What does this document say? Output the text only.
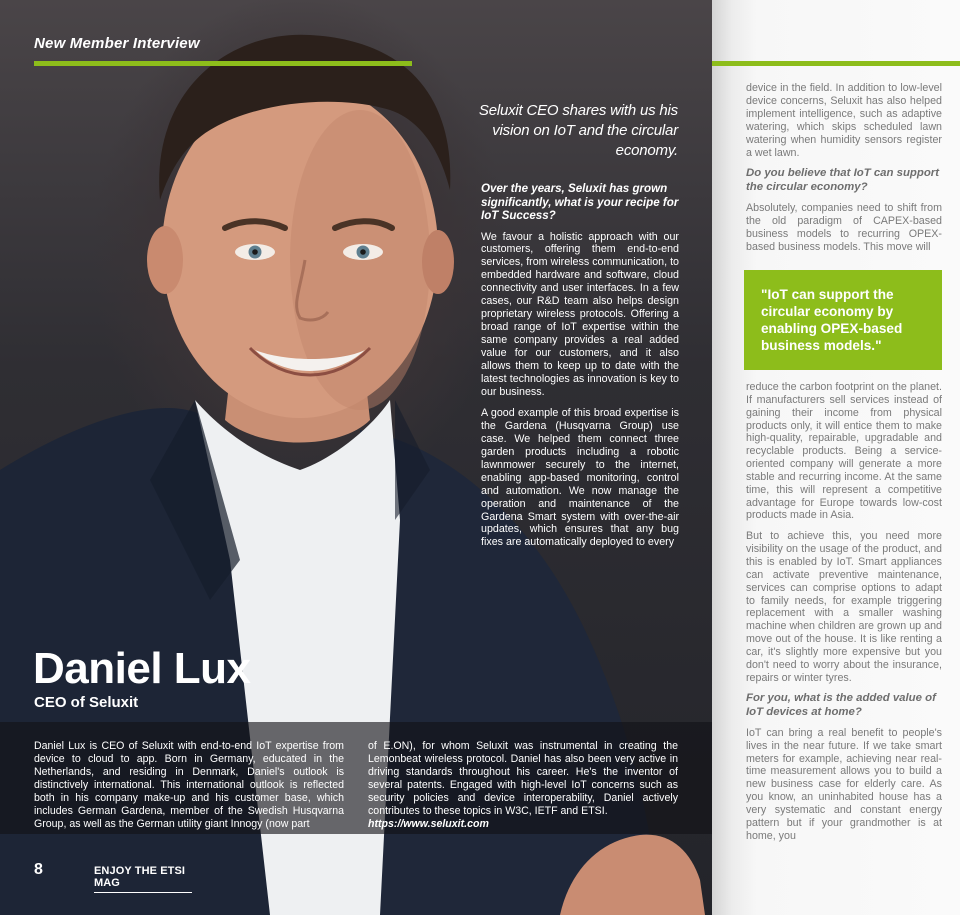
New Member Interview
Seluxit CEO shares with us his vision on IoT and the circular economy.
Over the years, Seluxit has grown significantly, what is your recipe for IoT Success?
We favour a holistic approach with our customers, offering them end-to-end services, from wireless communication, to embedded hardware and software, cloud connectivity and user interfaces. In a few cases, our R&D team also helps design proprietary wireless protocols. Offering a broad range of IoT expertise within the same company provides a real added value for our customers, and it also allows them to keep up to date with the latest technologies as innovation is key to our business.
A good example of this broad expertise is the Gardena (Husqvarna Group) use case. We helped them connect three garden products including a robotic lawnmower securely to the internet, enabling app-based monitoring, control and automation. We now manage the operation and maintenance of the Gardena Smart system with over-the-air updates, which ensures that any bug fixes are automatically deployed to every
Daniel Lux
CEO of Seluxit
Daniel Lux is CEO of Seluxit with end-to-end IoT expertise from device to cloud to app. Born in Germany, educated in the Netherlands, and residing in Denmark, Daniel's outlook is distinctively international. This international outlook is reflected both in his company make-up and his customer base, which includes German Gardena, member of the Swedish Husqvarna Group, as well as the German utility giant Innogy (now part
of E.ON), for whom Seluxit was instrumental in creating the Lemonbeat wireless protocol. Daniel has also been very active in driving standards throughout his career. He's the inventor of several patents. Engaged with high-level IoT concerns such as security policies and device interoperability, Daniel actively contributes to these topics in W3C, IETF and ETSI.
https://www.seluxit.com
8	ENJOY THE ETSI MAG
device in the field. In addition to low-level device concerns, Seluxit has also helped implement intelligence, such as adaptive watering, which skips scheduled lawn watering when humidity sensors register a wet lawn.
Do you believe that IoT can support the circular economy?
Absolutely, companies need to shift from the old paradigm of CAPEX-based business models to recurring OPEX-based business models. This move will
"IoT can support the circular economy by enabling OPEX-based business models."
reduce the carbon footprint on the planet. If manufacturers sell services instead of gaining their income from physical products only, it will entice them to make high-quality, repairable, upgradable and recyclable products. Being a service-oriented company will generate a more stable and recurring income. At the same time, this will represent a competitive advantage for Europe towards low-cost products made in Asia.
But to achieve this, you need more visibility on the usage of the product, and this is enabled by IoT. Smart appliances can activate preventive maintenance, services can comprise options to adapt to family needs, for example triggering replacement with a smaller washing machine when children are grown up and move out of the house. It is like renting a car, it's slightly more expensive but you don't need to worry about the insurance, repairs or winter tyres.
For you, what is the added value of IoT devices at home?
IoT can bring a real benefit to people's lives in the near future. If we take smart meters for example, achieving near real-time measurement allows you to build a new business case for elderly care. As you know, an uninhabited house has a very systematic and constant energy pattern but if your grandmother is at home, you
